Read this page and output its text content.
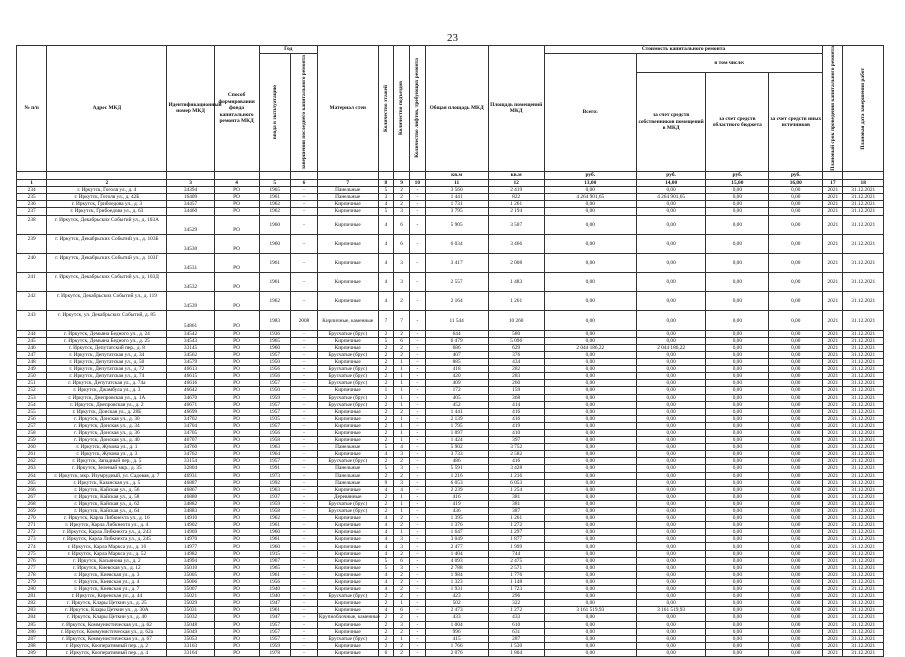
23
№ п/п	Адрес МКД	Идентификационный номер МКД	Способ формирования фонда капитального ремонта МКД	Год		Материал стен	Количество этажей	Количество подъездов	Количество лифтов, требующих ремонта	Общая площадь МКД	Площадь помещений МКД	Стоимость капитального ремонта				Плановый срок проведения капитального ремонта	Плановая дата завершения работ

				ввода в эксплуатацию	завершения последнего капитального ремонта							Всего:	в том числе:				
													за счет средств собственников помещений в МКД	за счет средств областного бюджета	за счет средств иных источников		
										кв.м	кв.м	руб.	руб.	руб.	руб.		
1	2	3	4	5	6	7	8	9	10	11	12	13,00	14,00	15,00	16,00	17	18
234	г. Иркутск, Гоголя ул., д. 4	34394	РО	1965	-	Панельные	5	2	-	3 560	2 419	0,00	0,00	0,00	0,00	2021	31.12.2021
235	г. Иркутск, Гоголя ул., д. 42Б	16409	РО	1961	-	Панельные	3	2	-	1 441	822	4 264 901,65	4 264 901,65	0,00	0,00	2021	31.12.2021
236	г. Иркутск, Грибоедова ул., д. 3	34457	РО	1962	-	Кирпичные	4	2	-	1 731	1 261	0,00	0,00	0,00	0,00	2021	31.12.2021
237	г. Иркутск, Грибоедова ул., д. 63	34460	РО	1962	-	Кирпичные	5	3	-	3 795	2 194	0,00	0,00	0,00	0,00	2021	31.12.2021
238	г. Иркутск, Декабрьских Событий ул., д. 103А	34529	РО	1960	-	Кирпичные	4	6	-	5 905	3 507	0,00	0,00	0,00	0,00	2021	31.12.2021
239	г. Иркутск, Декабрьских Событий ул., д. 103Б	34530	РО	1960	-	Кирпичные	4	6	-	6 034	3 466	0,00	0,00	0,00	0,00	2021	31.12.2021
240	г. Иркутск, Декабрьских Событий ул., д. 103Г	34531	РО	1961	-	Кирпичные	4	3	-	3 417	2 008	0,00	0,00	0,00	0,00	2021	31.12.2021
241	г. Иркутск, Декабрьских Событий ул., д. 103Д	34532	РО	1961	-	Кирпичные	4	3	-	2 557	1 483	0,00	0,00	0,00	0,00	2021	31.12.2021
242	г. Иркутск, Декабрьских Событий ул., д. 119	34539	РО	1962	-	Кирпичные	4	2	-	2 164	1 261	0,00	0,00	0,00	0,00	2021	31.12.2021
243	г. Иркутск, ул. Декабрьских Событий, д. 85	54861	РО	1983	2008	Кирпичные, каменные	7	7	-	11 544	10 260	0,00	0,00	0,00	0,00	2021	31.12.2021
244	г. Иркутск, Демьяна Бедного ул., д. 24	34542	РО	1936	-	Брусчатые (брус)	2	2	-	644	580	0,00	0,00	0,00	0,00	2021	31.12.2021
245	г. Иркутск, Демьяна Бедного ул., д. 25	34543	РО	1965	-	Кирпичные	5	6	-	6 479	5 096	0,00	0,00	0,00	0,00	2021	31.12.2021
246	г. Иркутск, Депутатский пер., д. 8	33145	РО	1960	-	Кирпичные	2	2	-	686	629	2 044 186,22	2 044 186,22	0,00	0,00	2021	31.12.2021
247	г. Иркутск, Депутатская ул., д. 34	34562	РО	1957	-	Брусчатые (брус)	2	2	-	407	376	0,00	0,00	0,00	0,00	2021	31.12.2021
248	г. Иркутск, Депутатская ул., д. 50	34579	РО	1950	-	Кирпичные	2	1	-	885	434	0,00	0,00	0,00	0,00	2021	31.12.2021
249	г. Иркутск, Депутатская ул., д. 72	46613	РО	1956	-	Брусчатые (брус)	2	1	-	418	282	0,00	0,00	0,00	0,00	2021	31.12.2021
250	г. Иркутск, Депутатская ул., д. 74	46615	РО	1956	-	Брусчатые (брус)	2	1	-	420	283	0,00	0,00	0,00	0,00	2021	31.12.2021
251	г. Иркутск, Депутатская ул., д. 74а	46616	РО	1957	-	Брусчатые (брус)	2	1	-	409	260	0,00	0,00	0,00	0,00	2021	31.12.2021
252	г. Иркутск, Джамбула ул., д. 3	46642	РО	1950	-	Кирпичные	1	1	-	172	159	0,00	0,00	0,00	0,00	2021	31.12.2021
253	г. Иркутск, Днепровская ул., д. 1А	34670	РО	1959	-	Брусчатые (брус)	2	1	-	405	368	0,00	0,00	0,00	0,00	2021	31.12.2021
254	г. Иркутск, Днепровская ул., д. 2	46671	РО	1957	-	Брусчатые (брус)	2	1	-	452	414	0,00	0,00	0,00	0,00	2021	31.12.2021
255	г. Иркутск, Донская ул., д. 28Б	46699	РО	1957	-	Кирпичные	2	2	-	1 441	416	0,00	0,00	0,00	0,00	2021	31.12.2021
256	г. Иркутск, Донская ул., д. 30	34702	РО	1935	-	Кирпичные	2	1	-	2 139	416	0,00	0,00	0,00	0,00	2021	31.12.2021
257	г. Иркутск, Донская ул., д. 34	34704	РО	1957	-	Кирпичные	2	1	-	1 795	419	0,00	0,00	0,00	0,00	2021	31.12.2021
258	г. Иркутск, Донская ул., д. 36	34705	РО	1956	-	Кирпичные	2	1	-	1 097	410	0,00	0,00	0,00	0,00	2021	31.12.2021
259	г. Иркутск, Донская ул., д. 40	46707	РО	1958	-	Кирпичные	2	1	-	1 424	397	0,00	0,00	0,00	0,00	2021	31.12.2021
260	г. Иркутск, Жукова ул., д. 1	34760	РО	1963	-	Панельные	5	4	-	5 902	3 752	0,00	0,00	0,00	0,00	2021	31.12.2021
261	г. Иркутск, Жукова ул., д. 3	34762	РО	1964	-	Кирпичные	4	3	-	3 733	2 582	0,00	0,00	0,00	0,00	2021	31.12.2021
262	г. Иркутск, Западный пер., д. 5	33154	РО	1957	-	Брусчатые (брус)	2	2	-	486	416	0,00	0,00	0,00	0,00	2021	31.12.2021
263	г. Иркутск, Зеленый мкр., д. 35	32804	РО	1991	-	Панельные	5	3	-	5 591	3 428	0,00	0,00	0,00	0,00	2021	31.12.2021
264	г. Иркутск, мкр. Изумрудный, ул. Садовая, д. 7	46931	РО	1973	-	Панельные	2	2	-	1 216	1 216	0,00	0,00	0,00	0,00	2021	31.12.2021
265	г. Иркутск, Казанская ул., д. 5	46887	РО	1992	-	Панельные	9	3	-	6 053	6 053	0,00	0,00	0,00	0,00	2021	31.12.2021
266	г. Иркутск, Кайская ул., д. 56	46867	РО	1963	-	Кирпичные	4	4	-	2 239	1 254	0,00	0,00	0,00	0,00	2021	31.12.2021
267	г. Иркутск, Кайская ул., д. 58	46880	РО	1937	-	Деревянные	2	1	-	416	381	0,00	0,00	0,00	0,00	2021	31.12.2021
268	г. Иркутск, Кайская ул., д. 62	34882	РО	1959	-	Брусчатые (брус)	2	1	-	419	381	0,00	0,00	0,00	0,00	2021	31.12.2021
269	г. Иркутск, Кайская ул., д. 64	34883	РО	1958	-	Брусчатые (брус)	2	1	-	436	387	0,00	0,00	0,00	0,00	2021	31.12.2021
270	г. Иркутск, Карла Либкнехта ул., д. 16	14910	РО	1962	-	Кирпичные	4	2	-	1 395	1 261	0,00	0,00	0,00	0,00	2021	31.12.2021
271	г. Иркутск, Карла Либкнехта ул., д. 4	14902	РО	1961	-	Кирпичные	4	2	-	1 376	1 272	0,00	0,00	0,00	0,00	2021	31.12.2021
272	г. Иркутск, Карла Либкнехта ул., д. 243	14969	РО	1960	-	Кирпичные	4	1	-	1 647	1 297	0,00	0,00	0,00	0,00	2021	31.12.2021
273	г. Иркутск, Карла Либкнехта ул., д. 245	14970	РО	1961	-	Кирпичные	4	3	-	3 049	1 877	0,00	0,00	0,00	0,00	2021	31.12.2021
274	г. Иркутск, Карла Маркса ул., д. 16	14977	РО	1960	-	Кирпичные	4	3	-	2 477	1 999	0,00	0,00	0,00	0,00	2021	31.12.2021
275	г. Иркутск, Карла Маркса ул., д. 52	14982	РО	1915	-	Кирпичные	4	2	-	1 404	744	0,00	0,00	0,00	0,00	2021	31.12.2021
276	г. Иркутск, Касьянова ул., д. 2	34994	РО	1967	-	Кирпичные	5	6	-	4 093	2 475	0,00	0,00	0,00	0,00	2021	31.12.2021
277	г. Иркутск, Киевская ул., д. 12	35010	РО	1965	-	Кирпичные	5	3	-	2 788	2 571	0,00	0,00	0,00	0,00	2021	31.12.2021
278	г. Иркутск, Киевская ул., д. 3	35005	РО	1961	-	Кирпичные	4	2	-	1 984	1 776	0,00	0,00	0,00	0,00	2021	31.12.2021
279	г. Иркутск, Киевская ул., д. 4	35006	РО	1956	-	Кирпичные	4	2	-	1 323	1 148	0,00	0,00	0,00	0,00	2021	31.12.2021
280	г. Иркутск, Киевская ул., д. 7	35007	РО	1940	-	Кирпичные	4	2	-	1 931	1 723	0,00	0,00	0,00	0,00	2021	31.12.2021
281	г. Иркутск, Киренская ул., д. 44	35021	РО	1940	-	Брусчатые (брус)	2	2	-	423	296	0,00	0,00	0,00	0,00	2021	31.12.2021
282	г. Иркутск, Клары Цеткин ул., д. 25	35029	РО	1947	-	Кирпичные	2	1	-	502	322	0,00	0,00	0,00	0,00	2021	31.12.2021
283	г. Иркутск, Клары Цеткин ул., д. 30А	35031	РО	1961	-	Кирпичные	4	6	-	2 473	1 272	3 161 519,93	3 161 519,93	0,00	0,00	2021	31.12.2021
284	г. Иркутск, Клары Цеткин ул., д. 40	35032	РО	1947	-	Крупноблочные, каменные	2	2	-	433	433	0,00	0,00	0,00	0,00	2021	31.12.2021
285	г. Иркутск, Коммунистическая ул., д. 62	35048	РО	1957	-	Кирпичные	2	3	-	1 004	610	0,00	0,00	0,00	0,00	2021	31.12.2021
286	г. Иркутск, Коммунистическая ул., д. 62а	35049	РО	1957	-	Кирпичные	2	2	-	996	631	0,00	0,00	0,00	0,00	2021	31.12.2021
287	г. Иркутск, Коммунистическая ул., д. 67	35053	РО	1957	-	Брусчатые (брус)	2	1	-	415	287	0,00	0,00	0,00	0,00	2021	31.12.2021
288	г. Иркутск, Кооперативный пер., д. 2	33163	РО	1959	-	Кирпичные	2	2	-	1 766	1 530	0,00	0,00	0,00	0,00	2021	31.12.2021
289	г. Иркутск, Кооперативный пер., д. 4	33164	РО	1978	-	Кирпичные	6	2	-	2 076	1 804	0,00	0,00	0,00	0,00	2021	31.12.2021
